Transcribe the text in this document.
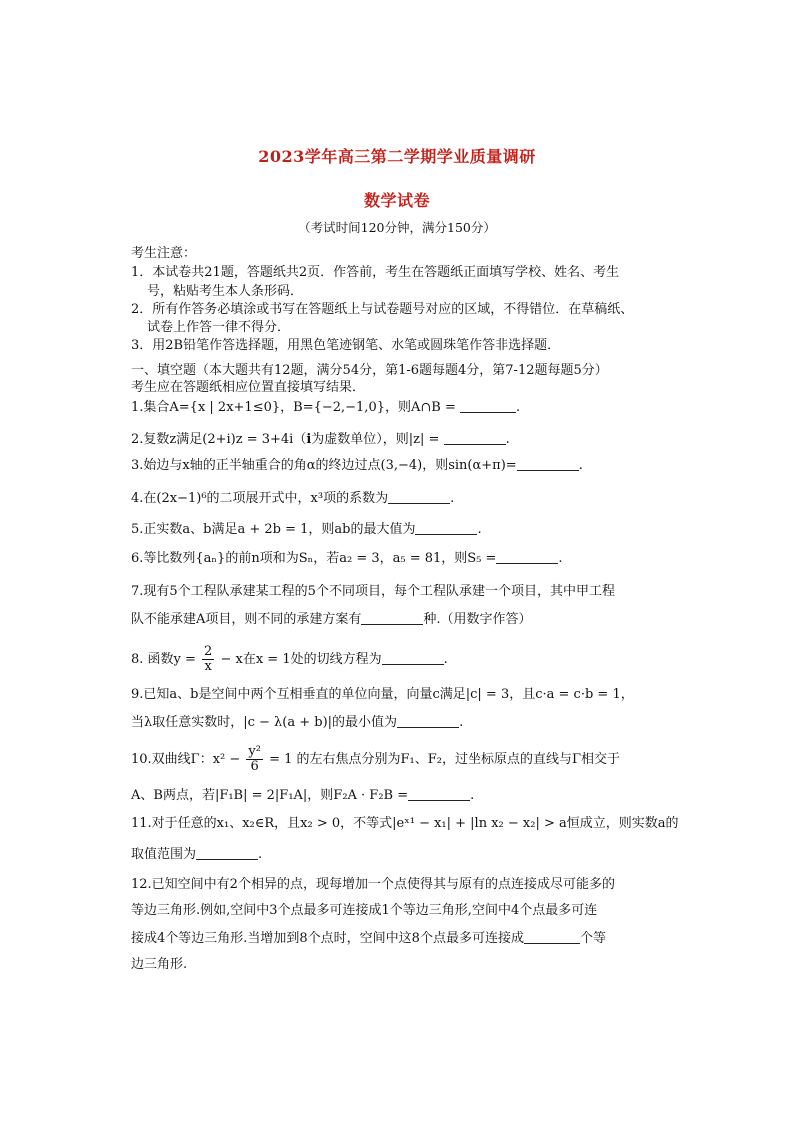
2023学年高三第二学期学业质量调研
数学试卷
（考试时间120分钟，满分150分）
考生注意：
1．本试卷共21题，答题纸共2页．作答前，考生在答题纸正面填写学校、姓名、考生
号，粘贴考生本人条形码．
2．所有作答务必填涂或书写在答题纸上与试卷题号对应的区域，不得错位．在草稿纸、
试卷上作答一律不得分．
3．用2B铅笔作答选择题，用黑色笔迹钢笔、水笔或圆珠笔作答非选择题．
一、填空题（本大题共有12题，满分54分，第1-6题每题4分，第7-12题每题5分）
考生应在答题纸相应位置直接填写结果．
1.集合A={x | 2x+1≤0}，B={−2,−1,0}，则A∩B =	.
2.复数z满足(2+i)z = 3+4i（i为虚数单位），则|z| =	.
3.始边与x轴的正半轴重合的角α的终边过点(3,−4)，则sin(α+π)=	.
4.在(2x−1)⁶的二项展开式中，x³项的系数为	.
5.正实数a、b满足a + 2b = 1，则ab的最大值为	.
6.等比数列{aₙ}的前n项和为Sₙ，若a₂ = 3，a₅ = 81，则S₅ =	.
7.现有5个工程队承建某工程的5个不同项目，每个工程队承建一个项目，其中甲工程
队不能承建A项目，则不同的承建方案有	种.（用数字作答）
8. 函数$y = \frac{2}{x} - x$在x = 1处的切线方程为	.
9.已知a、b是空间中两个互相垂直的单位向量，向量c满足|c| = 3，且c·a = c·b = 1，
当λ取任意实数时，|c − λ(a + b)|的最小值为	.
10.双曲线Γ：$x^2 - \frac{\text{y²}}{6} = 1$ 的左右焦点分别为F₁、F₂，过坐标原点的直线与Γ相交于
A、B两点，若|F₁B| = 2|F₁A|，则F₂A · F₂B =	.
11.对于任意的x₁、x₂∈R，且x₂ > 0，不等式|eˣ¹ − x₁| + |ln x₂ − x₂| > a恒成立，则实数a的
取值范围为	.
12.已知空间中有2个相异的点，现每增加一个点使得其与原有的点连接成尽可能多的
等边三角形.例如,空间中3个点最多可连接成1个等边三角形,空间中4个点最多可连
接成4个等边三角形.当增加到8个点时，空间中这8个点最多可连接成	个等
边三角形.
